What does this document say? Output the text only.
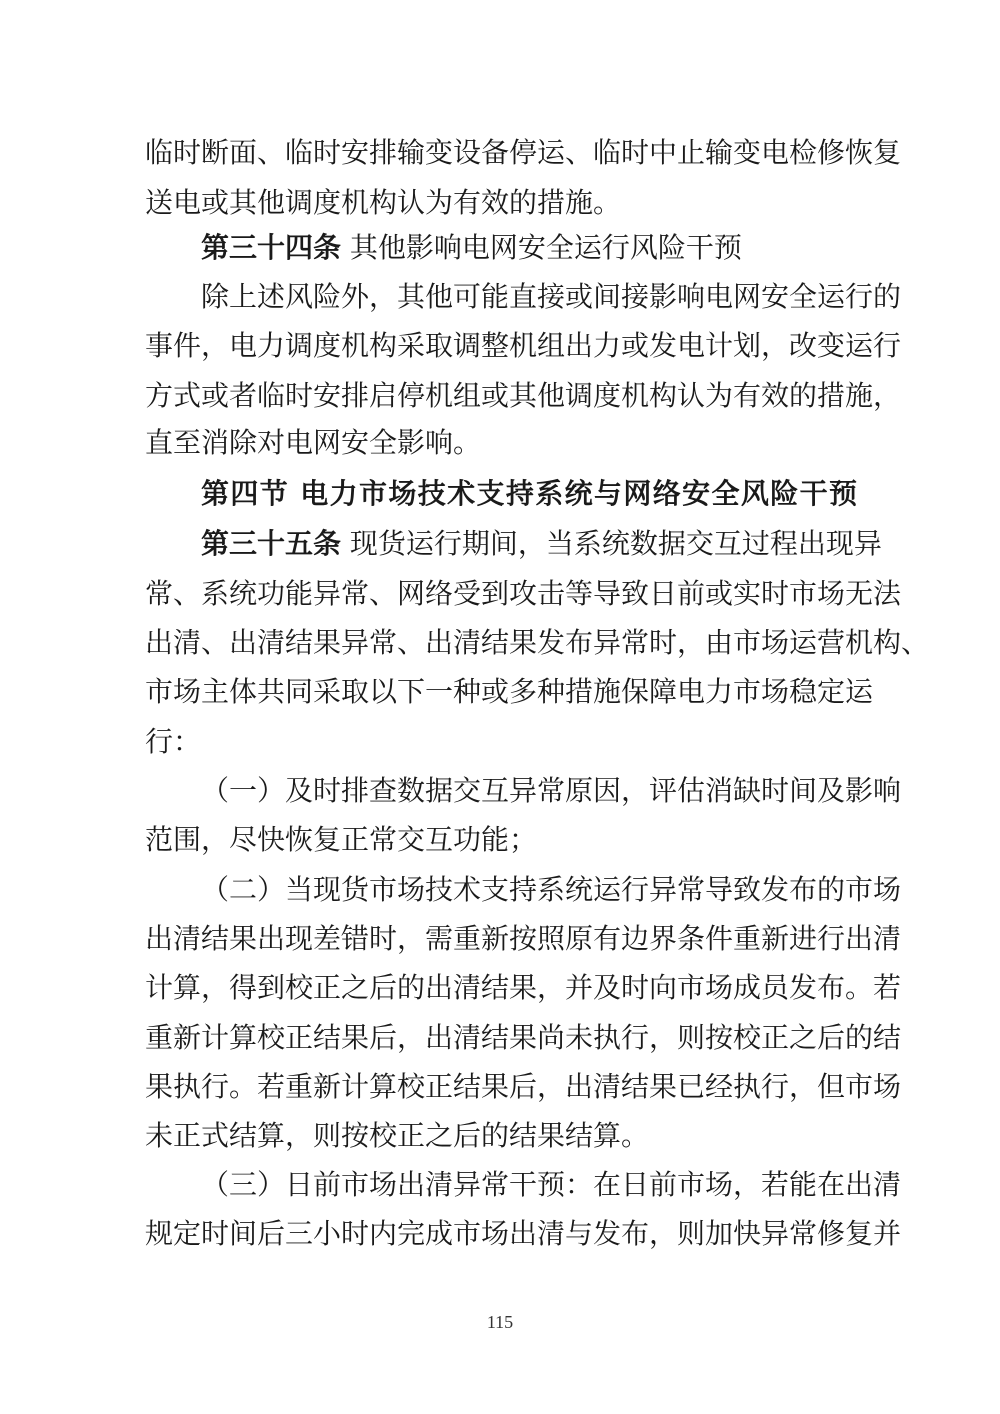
临时断面、临时安排输变设备停运、临时中止输变电检修恢复
送电或其他调度机构认为有效的措施。
第三十四条 其他影响电网安全运行风险干预
除上述风险外，其他可能直接或间接影响电网安全运行的
事件，电力调度机构采取调整机组出力或发电计划，改变运行
方式或者临时安排启停机组或其他调度机构认为有效的措施，
直至消除对电网安全影响。
第四节 电力市场技术支持系统与网络安全风险干预
第三十五条 现货运行期间，当系统数据交互过程出现异
常、系统功能异常、网络受到攻击等导致日前或实时市场无法
出清、出清结果异常、出清结果发布异常时，由市场运营机构、
市场主体共同采取以下一种或多种措施保障电力市场稳定运
行：
（一）及时排查数据交互异常原因，评估消缺时间及影响
范围，尽快恢复正常交互功能；
（二）当现货市场技术支持系统运行异常导致发布的市场
出清结果出现差错时，需重新按照原有边界条件重新进行出清
计算，得到校正之后的出清结果，并及时向市场成员发布。若
重新计算校正结果后，出清结果尚未执行，则按校正之后的结
果执行。若重新计算校正结果后，出清结果已经执行，但市场
未正式结算，则按校正之后的结果结算。
（三）日前市场出清异常干预：在日前市场，若能在出清
规定时间后三小时内完成市场出清与发布，则加快异常修复并
115
